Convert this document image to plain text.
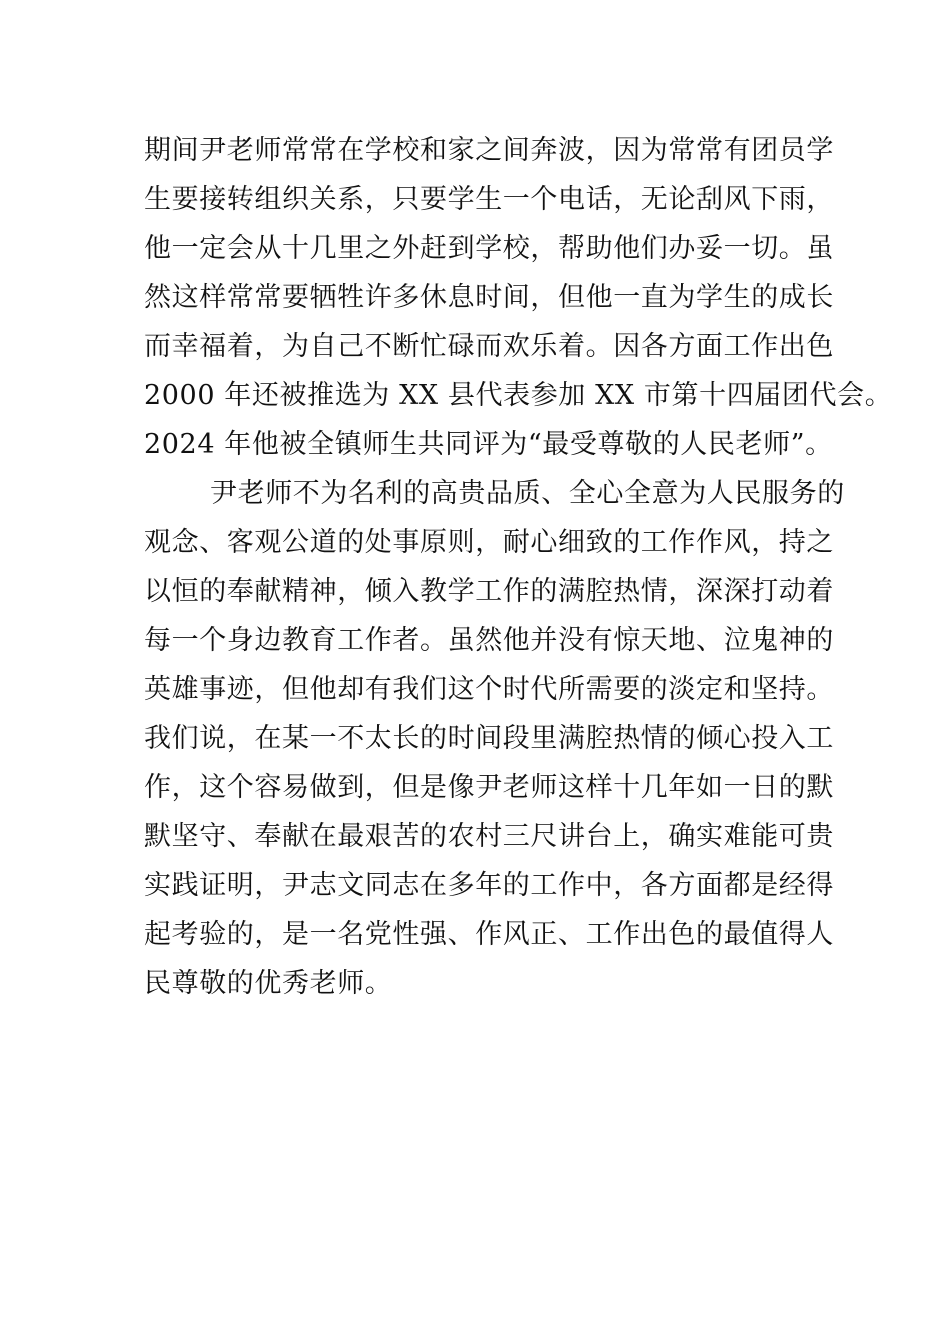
期间尹老师常常在学校和家之间奔波，因为常常有团员学
生要接转组织关系，只要学生一个电话，无论刮风下雨，
他一定会从十几里之外赶到学校，帮助他们办妥一切。虽
然这样常常要牺牲许多休息时间，但他一直为学生的成长
而幸福着，为自己不断忙碌而欢乐着。因各方面工作出色
2000 年还被推选为 XX 县代表参加 XX 市第十四届团代会。
2024 年他被全镇师生共同评为“最受尊敬的人民老师”。
尹老师不为名利的高贵品质、全心全意为人民服务的
观念、客观公道的处事原则，耐心细致的工作作风，持之
以恒的奉献精神，倾入教学工作的满腔热情，深深打动着
每一个身边教育工作者。虽然他并没有惊天地、泣鬼神的
英雄事迹，但他却有我们这个时代所需要的淡定和坚持。
我们说，在某一不太长的时间段里满腔热情的倾心投入工
作，这个容易做到，但是像尹老师这样十几年如一日的默
默坚守、奉献在最艰苦的农村三尺讲台上，确实难能可贵
实践证明，尹志文同志在多年的工作中，各方面都是经得
起考验的，是一名党性强、作风正、工作出色的最值得人
民尊敬的优秀老师。
